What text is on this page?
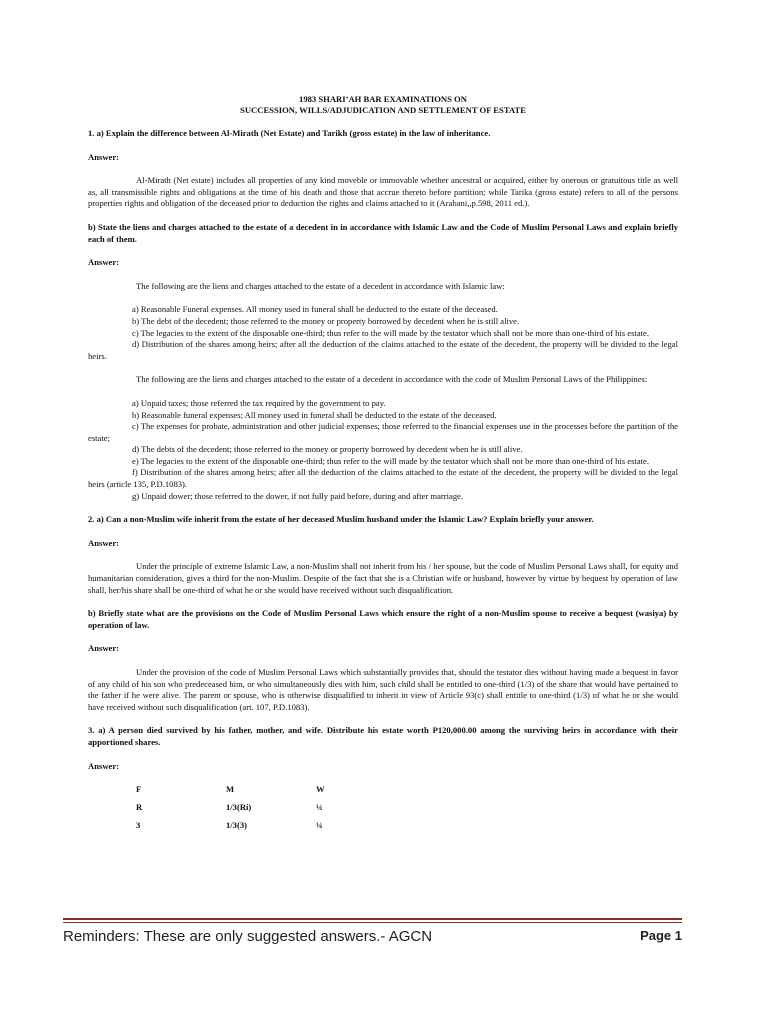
1983 SHARI’AH BAR EXAMINATIONS ON
SUCCESSION, WILLS/ADJUDICATION AND SETTLEMENT OF ESTATE

1. a) Explain the difference between Al-Mirath (Net Estate) and Tarikh (gross estate) in the law of inheritance.

Answer:

Al-Mirath (Net estate) includes all properties of any kind moveble or immovable whether ancestral or acquired, either by onerous or gratuitous title as well as, all transmissible rights and obligations at the time of his death and those that accrue thereto before partition; while Tarika (gross estate) refers to all of the persons properties rights and obligation of the deceased prior to deduction the rights and claims attached to it (Arabani,,p.598, 2011 ed.).

b) State the liens and charges attached to the estate of a decedent in in accordance with Islamic Law and the Code of Muslim Personal Laws and explain briefly each of them.

Answer:

The following are the liens and charges attached to the estate of a decedent in accordance with Islamic law:

a) Reasonable Funeral expenses. All money used in funeral shall be deducted to the estate of the deceased.

b) The debt of the decedent; those referred to the money or property borrowed by decedent when he is still alive.

c) The legacies to the extent of the disposable one-third; thus refer to the will made by the testator which shall not be more than one-third of his estate.

d) Distribution of the shares among heirs; after all the deduction of the claims attached to the estate of the decedent, the property will be divided to the legal heirs.

The following are the liens and charges attached to the estate of a decedent in accordance with the code of Muslim Personal Laws of the Philippines:

a) Unpaid taxes; those referred the tax required by the government to pay.

b) Reasonable funeral expenses; All money used in funeral shall be deducted to the estate of the deceased.

c) The expenses for probate, administration and other judicial expenses; those referred to the financial expenses use in the processes before the partition of the estate;

d) The debts of the decedent; those referred to the money or property borrowed by decedent when he is still alive.

e) The legacies to the extent of the disposable one-third; thus refer to the will made by the testator which shall not be more than one-third of his estate.

f) Distribution of the shares among heirs; after all the deduction of the claims attached to the estate of the decedent, the property will be divided to the legal heirs (article 135, P.D.1083).

g) Unpaid dower; those referred to the dower, if not fully paid before, during and after marriage.

2. a) Can a non-Muslim wife inherit from the estate of her deceased Muslim husband under the Islamic Law? Explain briefly your answer.

Answer:

Under the principle of extreme Islamic Law, a non-Muslim shall not inherit from his / her spouse, but the code of Muslim Personal Laws shall, for equity and humanitarian consideration, gives a third for the non-Muslim. Despite of the fact that she is a Christian wife or husband, however by virtue by bequest by operation of law shall, her/his share shall be one-third of what he or she would have received without such disqualification.

b) Briefly state what are the provisions on the Code of Muslim Personal Laws which ensure the right of a non-Muslim spouse to receive a bequest (wasiya) by operation of law.

Answer:

Under the provision of the code of Muslim Personal Laws which substantially provides that, should the testator dies without having made a bequest in favor of any child of his son who predeceased him, or who simultaneously dies with him, such child shall be entitled to one-third (1/3) of the share that would have pertained to the father if he were alive. The parent or spouse, who is otherwise disqualified to inherit in view of Article 93(c) shall entitle to one-third (1/3) of what he or she would have received without such disqualification (art. 107, P.D.1083).

3. a) A person died survived by his father, mother, and wife. Distribute his estate worth P120,000.00 among the surviving heirs in accordance with their apportioned shares.

Answer:

F	M	W
R	1/3(Ri)	¼
3	1/3(3)	¼
Reminders: These are only suggested answers.- AGCN	Page 1
